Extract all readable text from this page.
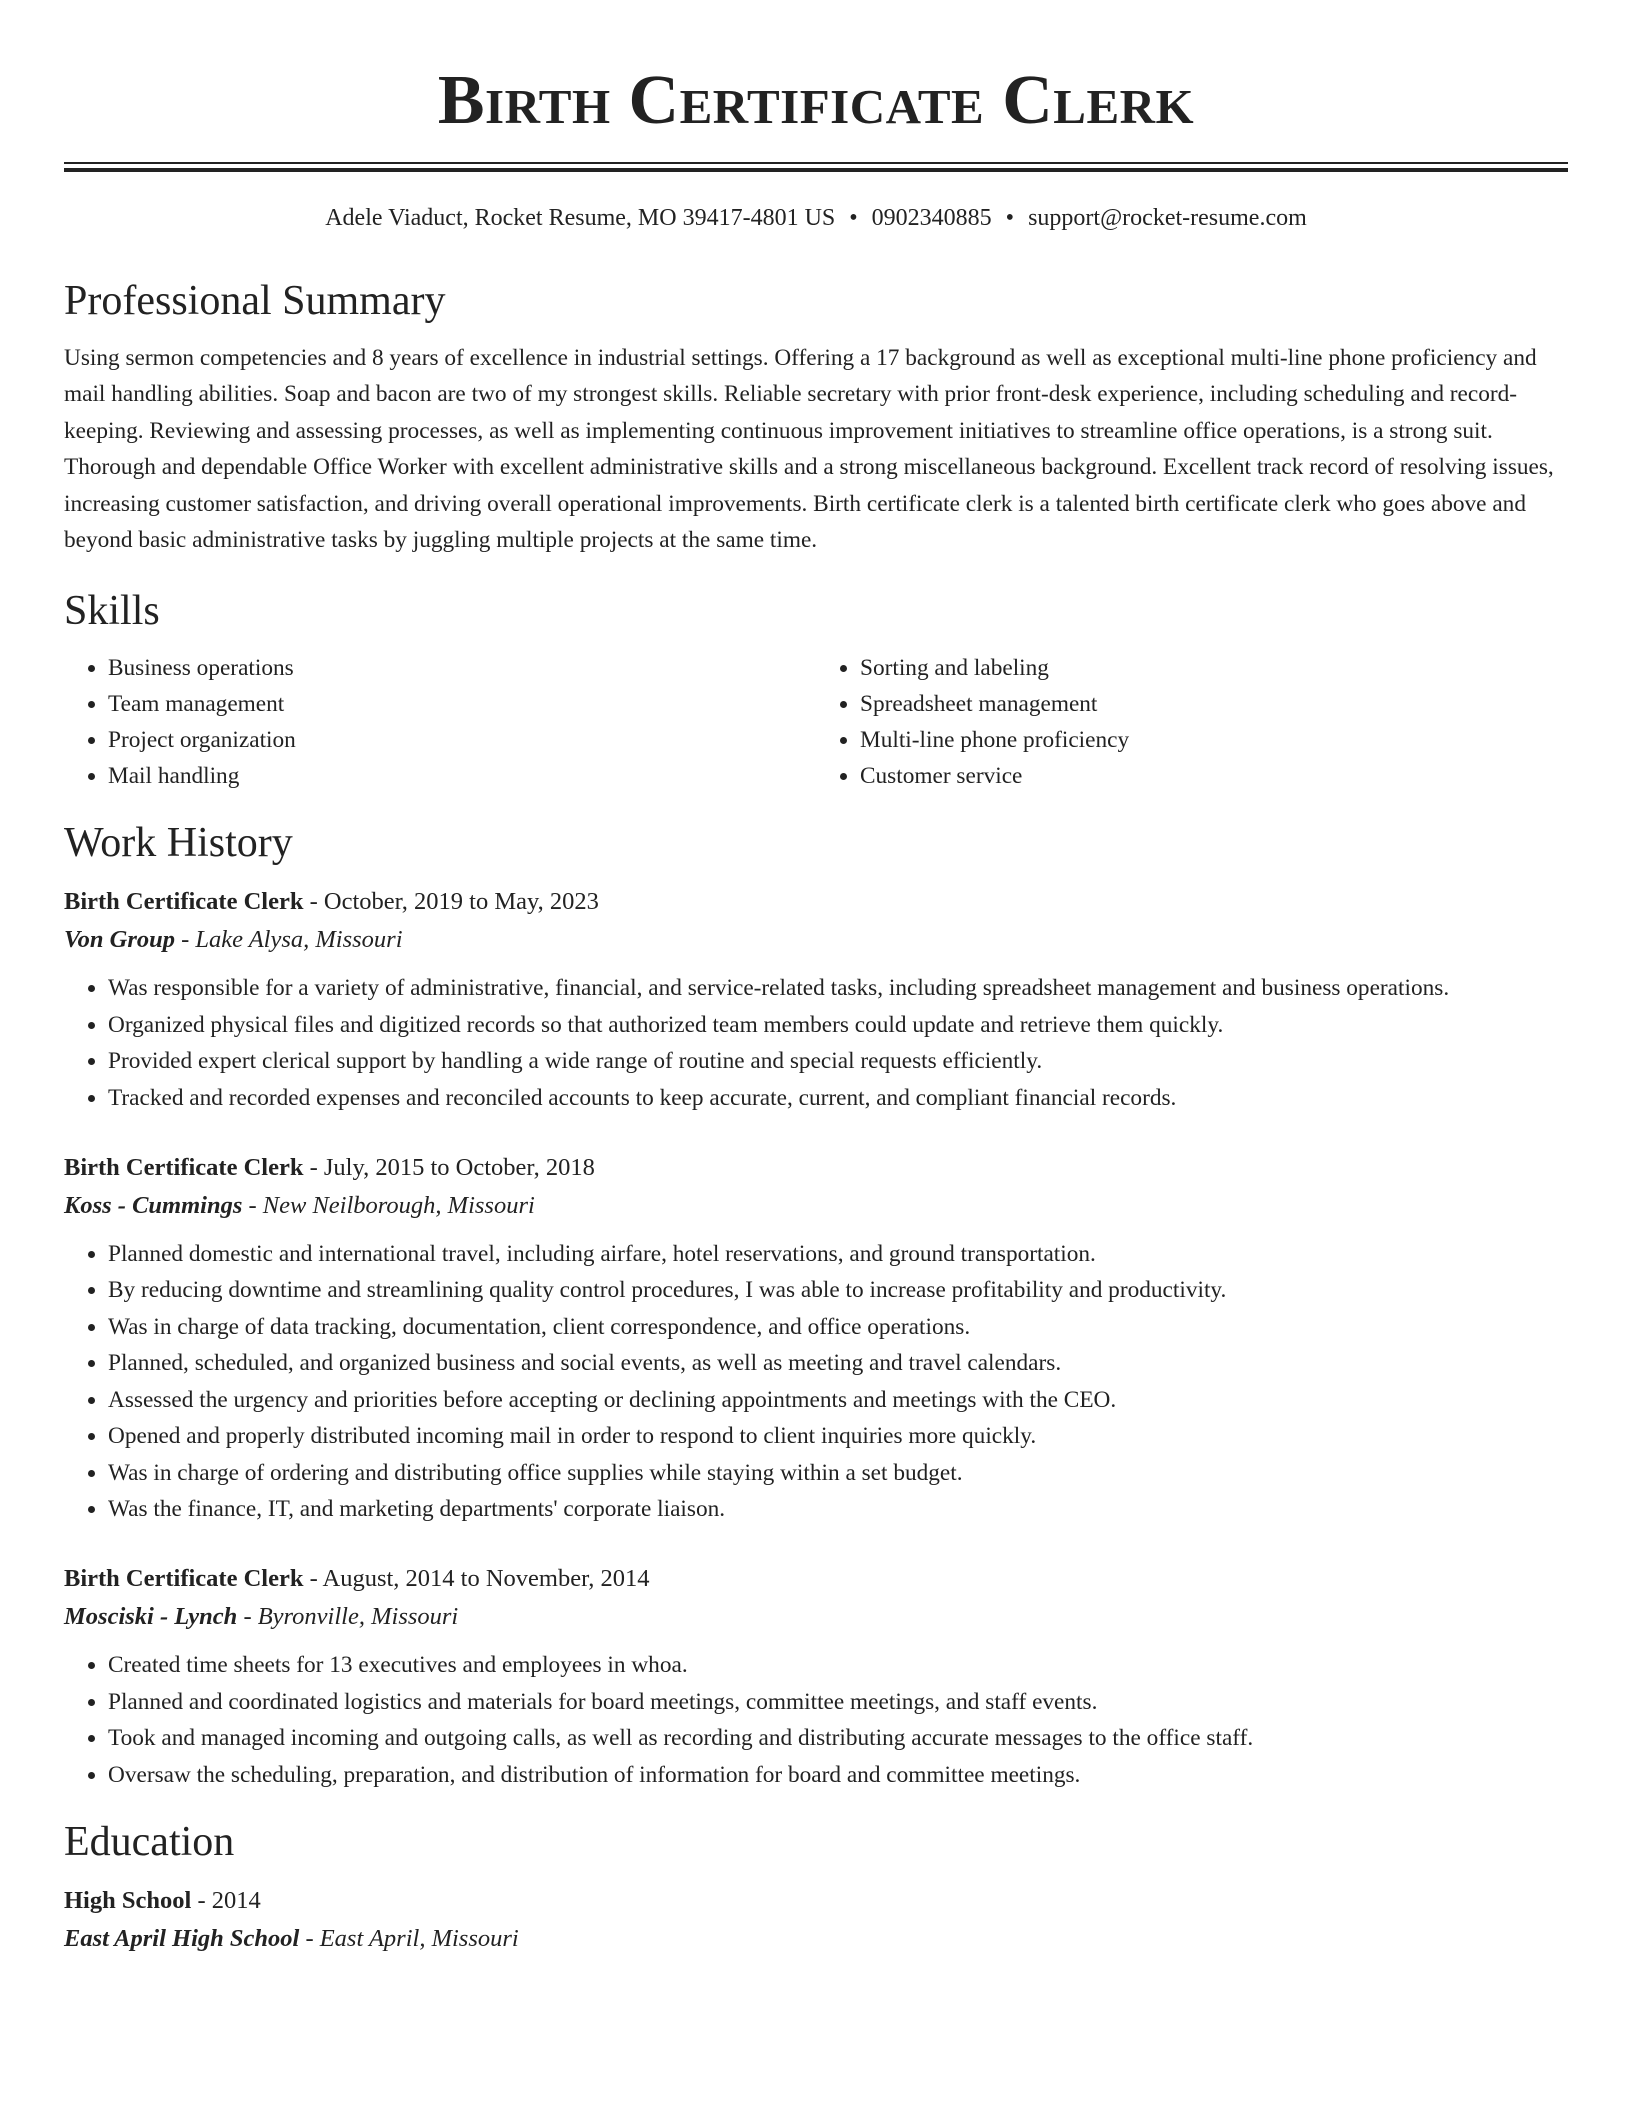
Birth Certificate Clerk
Adele Viaduct, Rocket Resume, MO 39417-4801 US • 0902340885 • support@rocket-resume.com
Professional Summary

Using sermon competencies and 8 years of excellence in industrial settings. Offering a 17 background as well as exceptional multi-line phone proficiency and mail handling abilities. Soap and bacon are two of my strongest skills. Reliable secretary with prior front-desk experience, including scheduling and record-keeping. Reviewing and assessing processes, as well as implementing continuous improvement initiatives to streamline office operations, is a strong suit. Thorough and dependable Office Worker with excellent administrative skills and a strong miscellaneous background. Excellent track record of resolving issues, increasing customer satisfaction, and driving overall operational improvements. Birth certificate clerk is a talented birth certificate clerk who goes above and beyond basic administrative tasks by juggling multiple projects at the same time.

Skills
• Business operations
• Team management
• Project organization
• Mail handling
• Sorting and labeling
• Spreadsheet management
• Multi-line phone proficiency
• Customer service
Work History
Birth Certificate Clerk - October, 2019 to May, 2023
Von Group - Lake Alysa, Missouri
• Was responsible for a variety of administrative, financial, and service-related tasks, including spreadsheet management and business operations.
• Organized physical files and digitized records so that authorized team members could update and retrieve them quickly.
• Provided expert clerical support by handling a wide range of routine and special requests efficiently.
• Tracked and recorded expenses and reconciled accounts to keep accurate, current, and compliant financial records.
Birth Certificate Clerk - July, 2015 to October, 2018
Koss - Cummings - New Neilborough, Missouri
• Planned domestic and international travel, including airfare, hotel reservations, and ground transportation.
• By reducing downtime and streamlining quality control procedures, I was able to increase profitability and productivity.
• Was in charge of data tracking, documentation, client correspondence, and office operations.
• Planned, scheduled, and organized business and social events, as well as meeting and travel calendars.
• Assessed the urgency and priorities before accepting or declining appointments and meetings with the CEO.
• Opened and properly distributed incoming mail in order to respond to client inquiries more quickly.
• Was in charge of ordering and distributing office supplies while staying within a set budget.
• Was the finance, IT, and marketing departments' corporate liaison.
Birth Certificate Clerk - August, 2014 to November, 2014
Mosciski - Lynch - Byronville, Missouri
• Created time sheets for 13 executives and employees in whoa.
• Planned and coordinated logistics and materials for board meetings, committee meetings, and staff events.
• Took and managed incoming and outgoing calls, as well as recording and distributing accurate messages to the office staff.
• Oversaw the scheduling, preparation, and distribution of information for board and committee meetings.
Education
High School - 2014
East April High School - East April, Missouri
